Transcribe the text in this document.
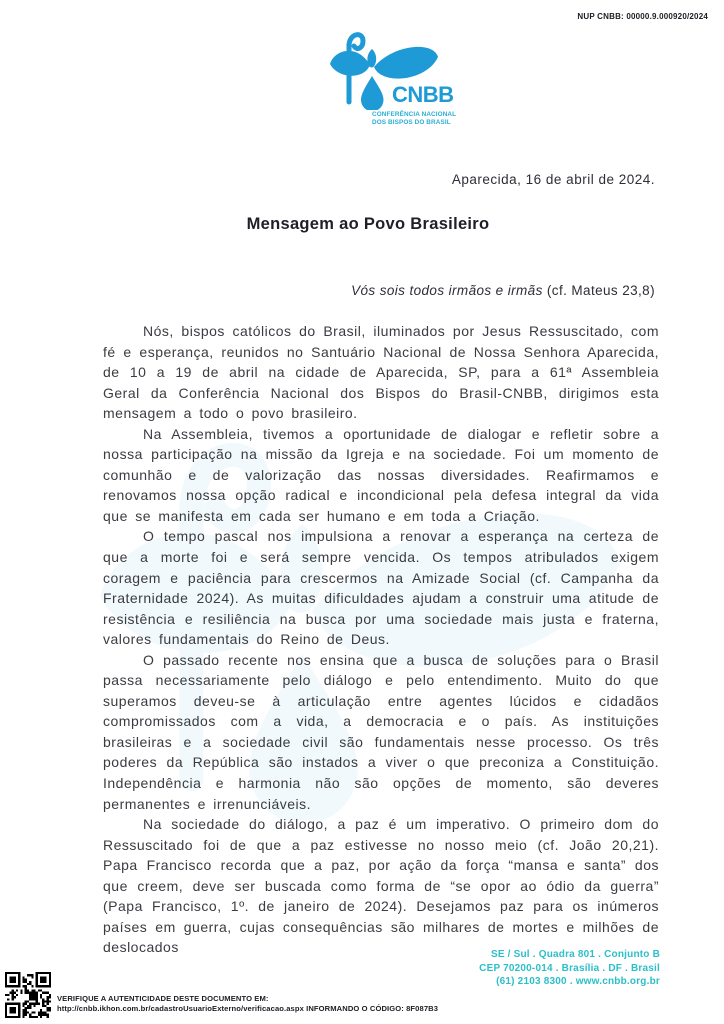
NUP CNBB: 00000.9.000920/2024
CNBB
CONFERÊNCIA NACIONAL
DOS BISPOS DO BRASIL
Aparecida, 16 de abril de 2024.
Mensagem ao Povo Brasileiro
Vós sois todos irmãos e irmãs (cf. Mateus 23,8)

Nós, bispos católicos do Brasil, iluminados por Jesus Ressuscitado, com fé e esperança, reunidos no Santuário Nacional de Nossa Senhora Aparecida, de 10 a 19 de abril na cidade de Aparecida, SP, para a 61ª Assembleia Geral da Conferência Nacional dos Bispos do Brasil-CNBB, dirigimos esta mensagem a todo o povo brasileiro.

Na Assembleia, tivemos a oportunidade de dialogar e refletir sobre a nossa participação na missão da Igreja e na sociedade. Foi um momento de comunhão e de valorização das nossas diversidades. Reafirmamos e renovamos nossa opção radical e incondicional pela defesa integral da vida que se manifesta em cada ser humano e em toda a Criação.

O tempo pascal nos impulsiona a renovar a esperança na certeza de que a morte foi e será sempre vencida. Os tempos atribulados exigem coragem e paciência para crescermos na Amizade Social (cf. Campanha da Fraternidade 2024). As muitas dificuldades ajudam a construir uma atitude de resistência e resiliência na busca por uma sociedade mais justa e fraterna, valores fundamentais do Reino de Deus.

O passado recente nos ensina que a busca de soluções para o Brasil passa necessariamente pelo diálogo e pelo entendimento. Muito do que superamos deveu-se à articulação entre agentes lúcidos e cidadãos compromissados com a vida, a democracia e o país. As instituições brasileiras e a sociedade civil são fundamentais nesse processo. Os três poderes da República são instados a viver o que preconiza a Constituição. Independência e harmonia não são opções de momento, são deveres permanentes e irrenunciáveis.

Na sociedade do diálogo, a paz é um imperativo. O primeiro dom do Ressuscitado foi de que a paz estivesse no nosso meio (cf. João 20,21). Papa Francisco recorda que a paz, por ação da força “mansa e santa” dos que creem, deve ser buscada como forma de “se opor ao ódio da guerra” (Papa Francisco, 1º. de janeiro de 2024). Desejamos paz para os inúmeros países em guerra, cujas consequências são milhares de mortes e milhões de deslocados	SE / Sul . Quadra 801 . Conjunto B
CEP 70200-014 . Brasília . DF . Brasil
(61) 2103 8300 . www.cnbb.org.br
VERIFIQUE A AUTENTICIDADE DESTE DOCUMENTO EM:
http://cnbb.ikhon.com.br/cadastroUsuarioExterno/verificacao.aspx INFORMANDO O CÓDIGO: 8F087B3
